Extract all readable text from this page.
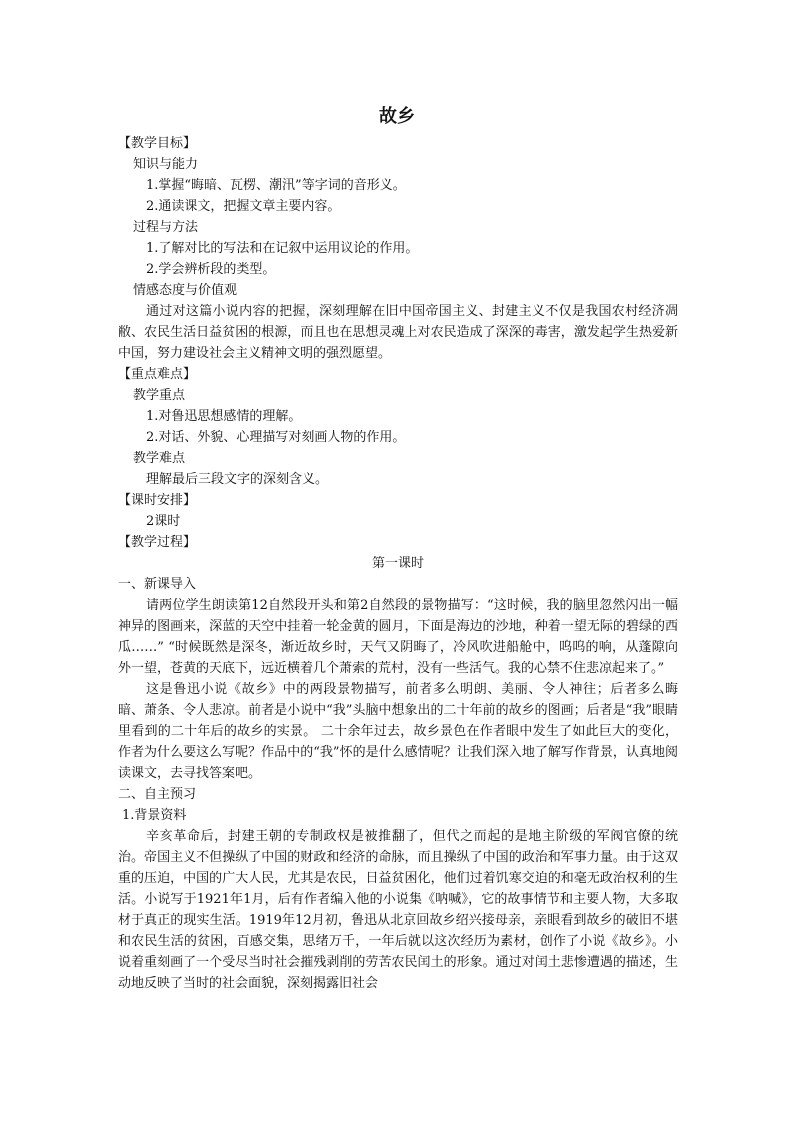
故乡

【教学目标】

知识与能力

1.掌握“晦暗、瓦楞、潮汛”等字词的音形义。

2.通读课文，把握文章主要内容。

过程与方法

1.了解对比的写法和在记叙中运用议论的作用。

2.学会辨析段的类型。

情感态度与价值观

通过对这篇小说内容的把握，深刻理解在旧中国帝国主义、封建主义不仅是我国农村经济凋敝、农民生活日益贫困的根源，而且也在思想灵魂上对农民造成了深深的毒害，激发起学生热爱新中国，努力建设社会主义精神文明的强烈愿望。

【重点难点】

教学重点

1.对鲁迅思想感情的理解。

2.对话、外貌、心理描写对刻画人物的作用。

教学难点

理解最后三段文字的深刻含义。

【课时安排】

2课时

【教学过程】

第一课时

一、新课导入

请两位学生朗读第12自然段开头和第2自然段的景物描写：“这时候，我的脑里忽然闪出一幅神异的图画来，深蓝的天空中挂着一轮金黄的圆月，下面是海边的沙地，种着一望无际的碧绿的西瓜……” “时候既然是深冬，渐近故乡时，天气又阴晦了，冷风吹进船舱中，呜呜的响，从蓬隙向外一望，苍黄的天底下，远近横着几个萧索的荒村，没有一些活气。我的心禁不住悲凉起来了。”

这是鲁迅小说《故乡》中的两段景物描写，前者多么明朗、美丽、令人神往；后者多么晦暗、萧条、令人悲凉。前者是小说中“我”头脑中想象出的二十年前的故乡的图画；后者是“我”眼睛里看到的二十年后的故乡的实景。 二十余年过去，故乡景色在作者眼中发生了如此巨大的变化，作者为什么要这么写呢？作品中的“我”怀的是什么感情呢？让我们深入地了解写作背景，认真地阅读课文，去寻找答案吧。

二、自主预习

1.背景资料

辛亥革命后，封建王朝的专制政权是被推翻了，但代之而起的是地主阶级的军阀官僚的统治。帝国主义不但操纵了中国的财政和经济的命脉，而且操纵了中国的政治和军事力量。由于这双重的压迫，中国的广大人民，尤其是农民，日益贫困化，他们过着饥寒交迫的和毫无政治权利的生活。小说写于1921年1月，后有作者编入他的小说集《呐喊》，它的故事情节和主要人物，大多取材于真正的现实生活。1919年12月初，鲁迅从北京回故乡绍兴接母亲，亲眼看到故乡的破旧不堪和农民生活的贫困，百感交集，思绪万千，一年后就以这次经历为素材，创作了小说《故乡》。小说着重刻画了一个受尽当时社会摧残剥削的劳苦农民闰土的形象。通过对闰土悲惨遭遇的描述，生动地反映了当时的社会面貌，深刻揭露旧社会
